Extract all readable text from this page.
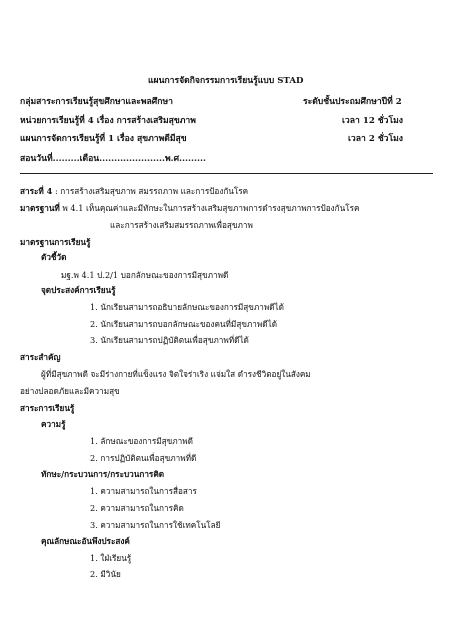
แผนการจัดกิจกรรมการเรียนรู้แบบ STAD
กลุ่มสาระการเรียนรู้สุขศึกษาและพลศึกษา	ระดับชั้นประถมศึกษาปีที่ 2
หน่วยการเรียนรู้ที่ 4 เรื่อง การสร้างเสริมสุขภาพ	เวลา 12 ชั่วโมง
แผนการจัดการเรียนรู้ที่ 1 เรื่อง สุขภาพดีมีสุข	เวลา 2 ชั่วโมง
สอนวันที่.........เดือน......................พ.ศ.........
สาระที่ 4 : การสร้างเสริมสุขภาพ สมรรถภาพ และการป้องกันโรค
มาตรฐานที่ พ 4.1 เห็นคุณค่าและมีทักษะในการสร้างเสริมสุขภาพการดำรงสุขภาพการป้องกันโรค
และการสร้างเสริมสมรรถภาพเพื่อสุขภาพ
มาตรฐานการเรียนรู้
ตัวชี้วัด
มฐ.พ 4.1 ป.2/1 บอกลักษณะของการมีสุขภาพดี
จุดประสงค์การเรียนรู้
1. นักเรียนสามารถอธิบายลักษณะของการมีสุขภาพดีได้
2. นักเรียนสามารถบอกลักษณะของคนที่มีสุขภาพดีได้
3. นักเรียนสามารถปฏิบัติตนเพื่อสุขภาพที่ดีได้
สาระสำคัญ
ผู้ที่มีสุขภาพดี จะมีร่างกายที่แข็งแรง จิตใจร่าเริง แจ่มใส ดำรงชีวิตอยู่ในสังคม
อย่างปลอดภัยและมีความสุข
สาระการเรียนรู้
ความรู้
1. ลักษณะของการมีสุขภาพดี
2. การปฏิบัติตนเพื่อสุขภาพที่ดี
ทักษะ/กระบวนการ/กระบวนการคิด
1. ความสามารถในการสื่อสาร
2. ความสามารถในการคิด
3. ความสามารถในการใช้เทคโนโลยี
คุณลักษณะอันพึงประสงค์
1. ใฝ่เรียนรู้
2. มีวินัย
